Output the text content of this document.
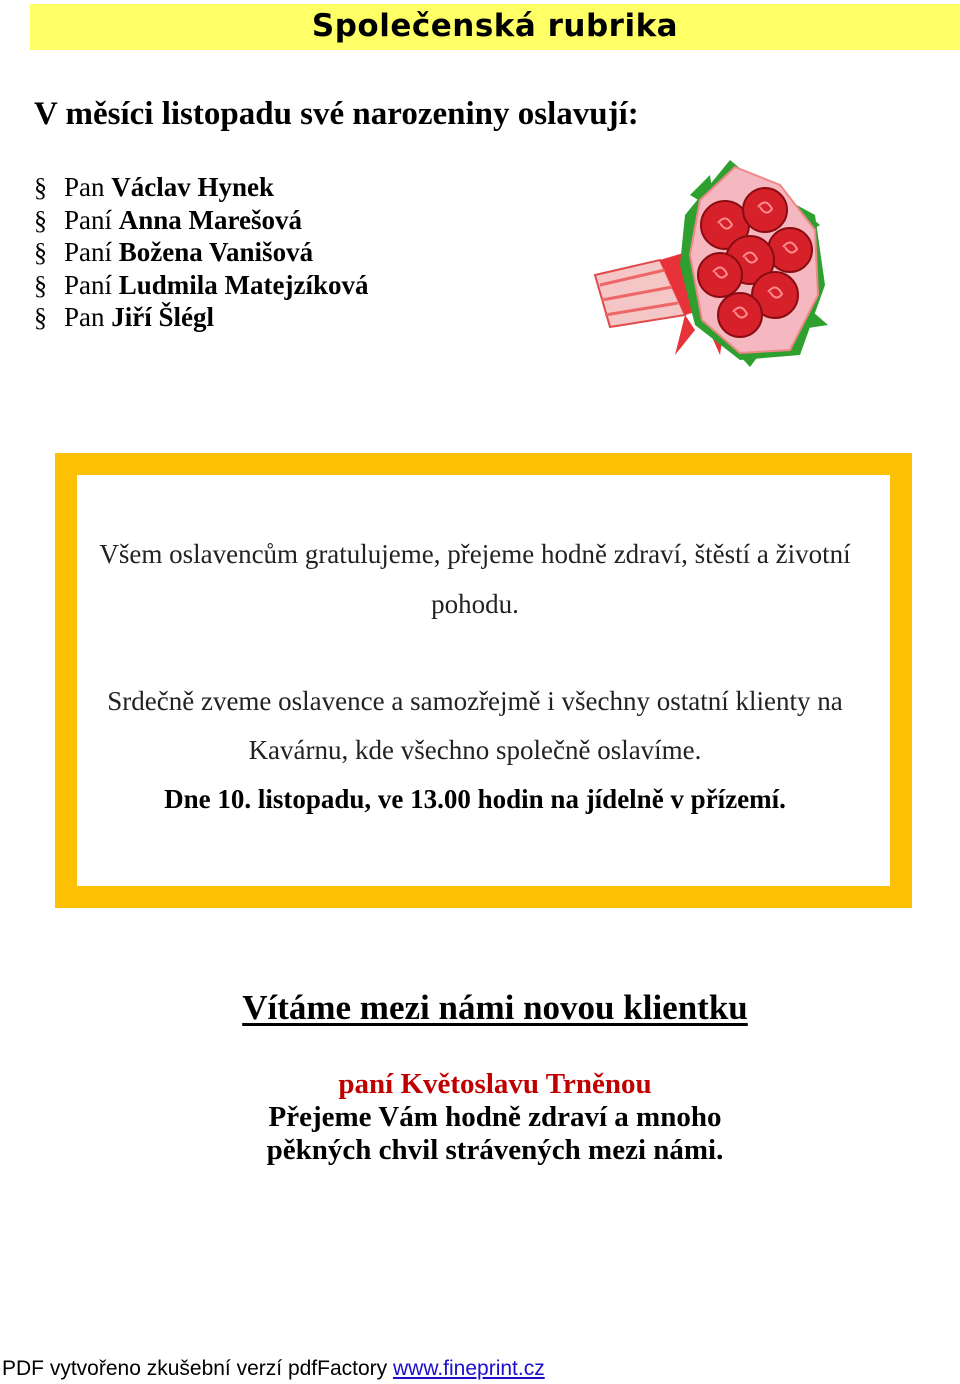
Společenská rubrika
V měsíci listopadu své narozeniny oslavují:
§ Pan Václav Hynek
§ Paní Anna Marešová
§ Paní Božena Vanišová
§ Paní Ludmila Matejzíková
§ Pan Jiří Šlégl
Všem oslavencům gratulujeme, přejeme hodně zdraví, štěstí a životní
pohodu.
Srdečně zveme oslavence a samozřejmě i všechny ostatní klienty na
Kavárnu, kde všechno společně oslavíme.
Dne 10. listopadu, ve 13.00 hodin na jídelně v přízemí.
Vítáme mezi námi novou klientku
paní Květoslavu Trněnou
Přejeme Vám hodně zdraví a mnoho
pěkných chvil strávených mezi námi.
PDF vytvořeno zkušební verzí pdfFactory www.fineprint.cz
